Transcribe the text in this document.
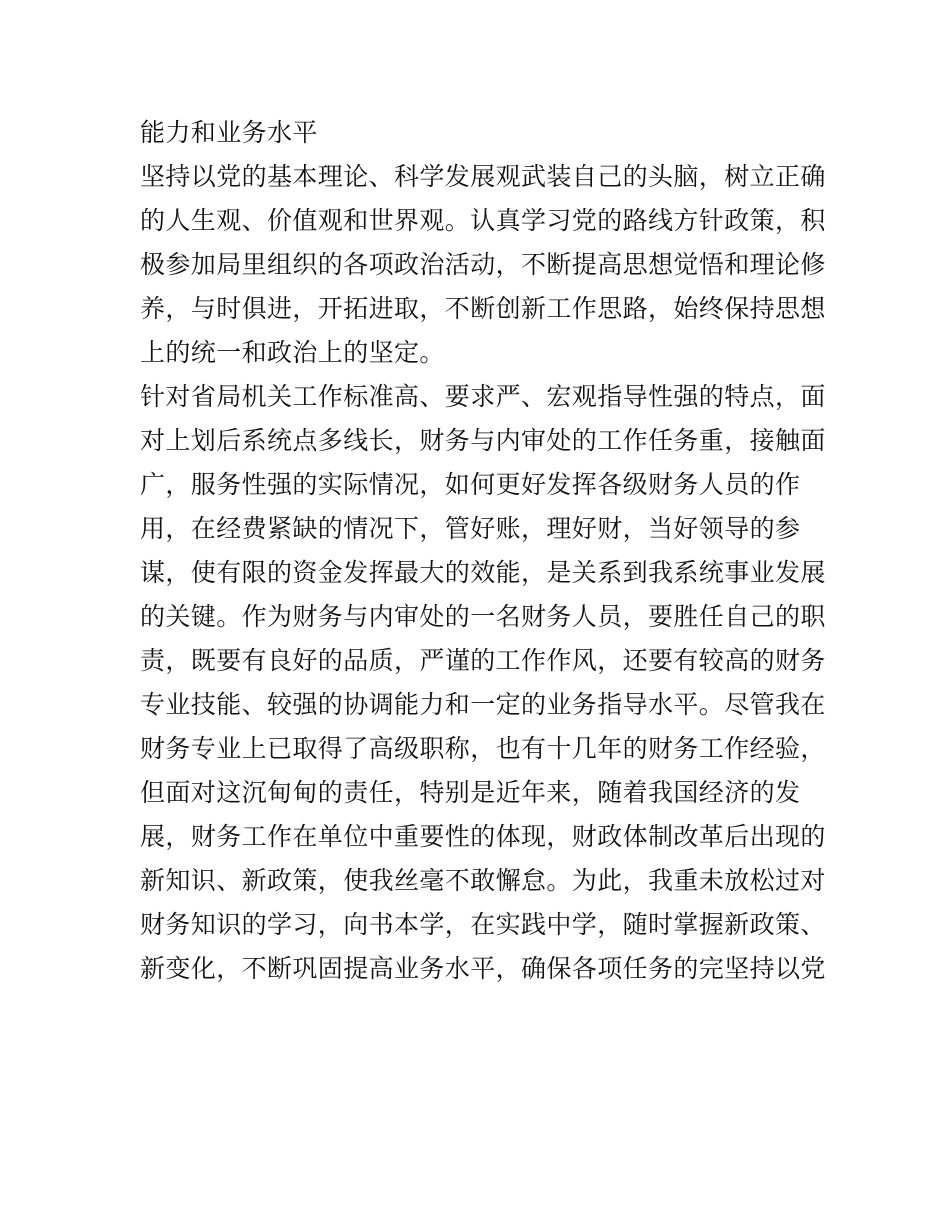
能力和业务水平
坚持以党的基本理论、科学发展观武装自己的头脑，树立正确
的人生观、价值观和世界观。认真学习党的路线方针政策，积
极参加局里组织的各项政治活动，不断提高思想觉悟和理论修
养，与时俱进，开拓进取，不断创新工作思路，始终保持思想
上的统一和政治上的坚定。
针对省局机关工作标准高、要求严、宏观指导性强的特点，面
对上划后系统点多线长，财务与内审处的工作任务重，接触面
广，服务性强的实际情况，如何更好发挥各级财务人员的作
用，在经费紧缺的情况下，管好账，理好财，当好领导的参
谋，使有限的资金发挥最大的效能，是关系到我系统事业发展
的关键。作为财务与内审处的一名财务人员，要胜任自己的职
责，既要有良好的品质，严谨的工作作风，还要有较高的财务
专业技能、较强的协调能力和一定的业务指导水平。尽管我在
财务专业上已取得了高级职称，也有十几年的财务工作经验，
但面对这沉甸甸的责任，特别是近年来，随着我国经济的发
展，财务工作在单位中重要性的体现，财政体制改革后出现的
新知识、新政策，使我丝毫不敢懈怠。为此，我重未放松过对
财务知识的学习，向书本学，在实践中学，随时掌握新政策、
新变化，不断巩固提高业务水平，确保各项任务的完坚持以党
